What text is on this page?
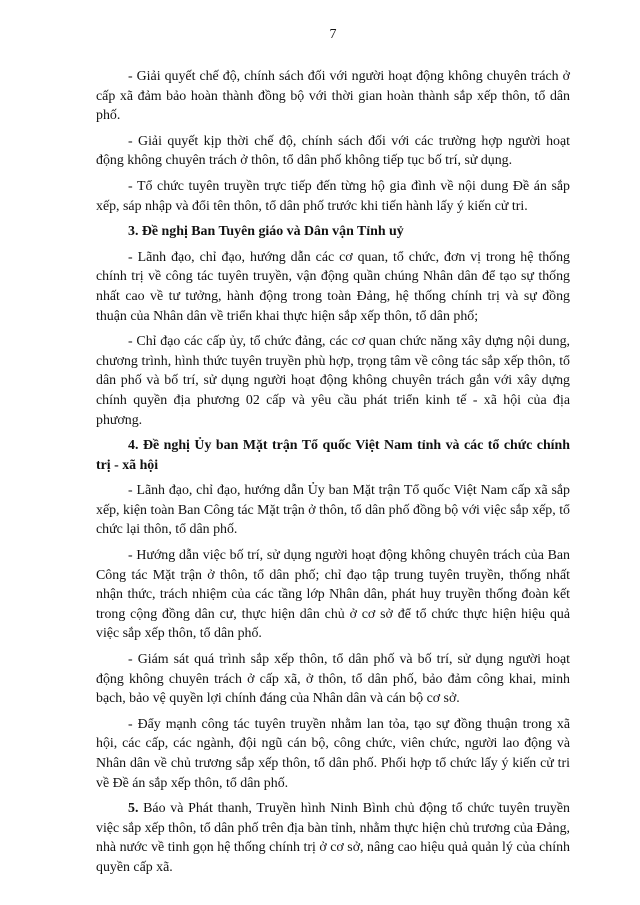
7

- Giải quyết chế độ, chính sách đối với người hoạt động không chuyên trách ở cấp xã đảm bảo hoàn thành đồng bộ với thời gian hoàn thành sắp xếp thôn, tổ dân phố.

- Giải quyết kịp thời chế độ, chính sách đối với các trường hợp người hoạt động không chuyên trách ở thôn, tổ dân phố không tiếp tục bố trí, sử dụng.

- Tổ chức tuyên truyền trực tiếp đến từng hộ gia đình về nội dung Đề án sắp xếp, sáp nhập và đổi tên thôn, tổ dân phố trước khi tiến hành lấy ý kiến cử tri.

3. Đề nghị Ban Tuyên giáo và Dân vận Tỉnh uỷ

- Lãnh đạo, chỉ đạo, hướng dẫn các cơ quan, tổ chức, đơn vị trong hệ thống chính trị về công tác tuyên truyền, vận động quần chúng Nhân dân để tạo sự thống nhất cao về tư tưởng, hành động trong toàn Đảng, hệ thống chính trị và sự đồng thuận của Nhân dân về triển khai thực hiện sắp xếp thôn, tổ dân phố;

- Chỉ đạo các cấp ủy, tổ chức đảng, các cơ quan chức năng xây dựng nội dung, chương trình, hình thức tuyên truyền phù hợp, trọng tâm về công tác sắp xếp thôn, tổ dân phố và bố trí, sử dụng người hoạt động không chuyên trách gắn với xây dựng chính quyền địa phương 02 cấp và yêu cầu phát triển kinh tế - xã hội của địa phương.

4. Đề nghị Ủy ban Mặt trận Tổ quốc Việt Nam tỉnh và các tổ chức chính trị - xã hội

- Lãnh đạo, chỉ đạo, hướng dẫn Ủy ban Mặt trận Tổ quốc Việt Nam cấp xã sắp xếp, kiện toàn Ban Công tác Mặt trận ở thôn, tổ dân phố đồng bộ với việc sắp xếp, tổ chức lại thôn, tổ dân phố.

- Hướng dẫn việc bố trí, sử dụng người hoạt động không chuyên trách của Ban Công tác Mặt trận ở thôn, tổ dân phố; chỉ đạo tập trung tuyên truyền, thống nhất nhận thức, trách nhiệm của các tầng lớp Nhân dân, phát huy truyền thống đoàn kết trong cộng đồng dân cư, thực hiện dân chủ ở cơ sở để tổ chức thực hiện hiệu quả việc sắp xếp thôn, tổ dân phố.

- Giám sát quá trình sắp xếp thôn, tổ dân phố và bố trí, sử dụng người hoạt động không chuyên trách ở cấp xã, ở thôn, tổ dân phố, bảo đảm công khai, minh bạch, bảo vệ quyền lợi chính đáng của Nhân dân và cán bộ cơ sở.

- Đẩy mạnh công tác tuyên truyền nhằm lan tỏa, tạo sự đồng thuận trong xã hội, các cấp, các ngành, đội ngũ cán bộ, công chức, viên chức, người lao động và Nhân dân về chủ trương sắp xếp thôn, tổ dân phố. Phối hợp tổ chức lấy ý kiến cử tri về Đề án sắp xếp thôn, tổ dân phố.

5. Báo và Phát thanh, Truyền hình Ninh Bình chủ động tổ chức tuyên truyền việc sắp xếp thôn, tổ dân phố trên địa bàn tỉnh, nhằm thực hiện chủ trương của Đảng, nhà nước về tinh gọn hệ thống chính trị ở cơ sở, nâng cao hiệu quả quản lý của chính quyền cấp xã.
